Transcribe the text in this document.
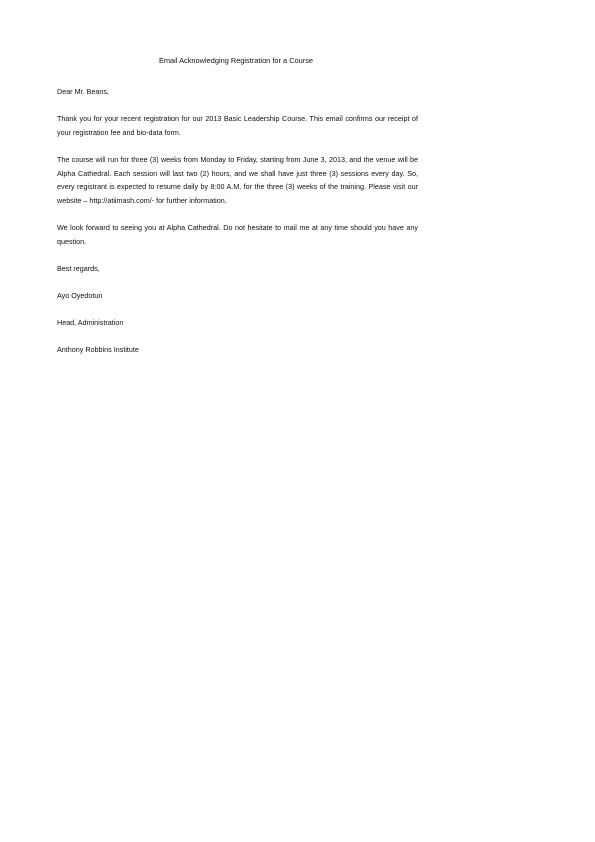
Email Acknowledging Registration for a Course

Dear Mr. Beans,

Thank you for your recent registration for our 2013 Basic Leadership Course. This email confirms our receipt of your registration fee and bio-data form.

The course will run for three (3) weeks from Monday to Friday, starting from June 3, 2013, and the venue will be Alpha Cathedral. Each session will last two (2) hours, and we shall have just three (3) sessions every day. So, every registrant is expected to resume daily by 8:00 A.M. for the three (3) weeks of the training. Please visit our website – http://atiimash.com/- for further information.

We look forward to seeing you at Alpha Cathedral. Do not hesitate to mail me at any time should you have any question.

Best regards,

Ayo Oyedotun

Head, Administration

Anthony Robbins Institute
